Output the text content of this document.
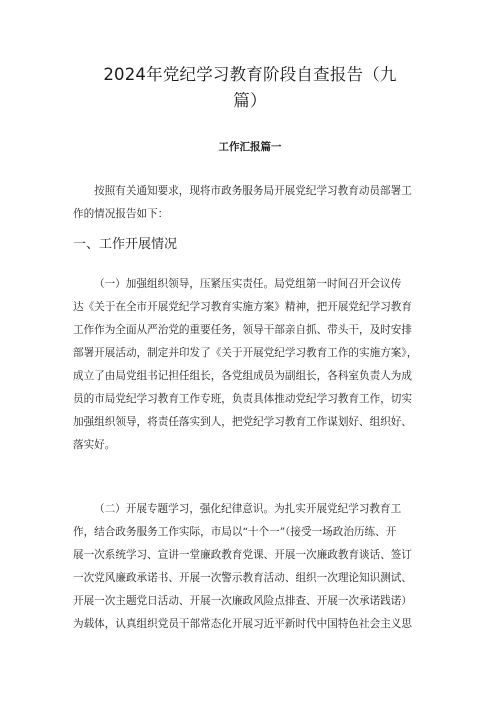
2024年党纪学习教育阶段自查报告（九
篇）
工作汇报篇一
按照有关通知要求，现将市政务服务局开展党纪学习教育动员部署工
作的情况报告如下：
一、工作开展情况
（一）加强组织领导，压紧压实责任。局党组第一时间召开会议传
达《关于在全市开展党纪学习教育实施方案》精神，把开展党纪学习教育
工作作为全面从严治党的重要任务，领导干部亲自抓、带头干，及时安排
部署开展活动，制定并印发了《关于开展党纪学习教育工作的实施方案》，
成立了由局党组书记担任组长，各党组成员为副组长，各科室负责人为成
员的市局党纪学习教育工作专班，负责具体推动党纪学习教育工作，切实
加强组织领导，将责任落实到人，把党纪学习教育工作谋划好、组织好、
落实好。
（二）开展专题学习，强化纪律意识。为扎实开展党纪学习教育工
作，结合政务服务工作实际，市局以“十个一”（接受一场政治历练、开
展一次系统学习、宣讲一堂廉政教育党课、开展一次廉政教育谈话、签订
一次党风廉政承诺书、开展一次警示教育活动、组织一次理论知识测试、
开展一次主题党日活动、开展一次廉政风险点排查、开展一次承诺践诺）
为载体，认真组织党员干部常态化开展习近平新时代中国特色社会主义思
